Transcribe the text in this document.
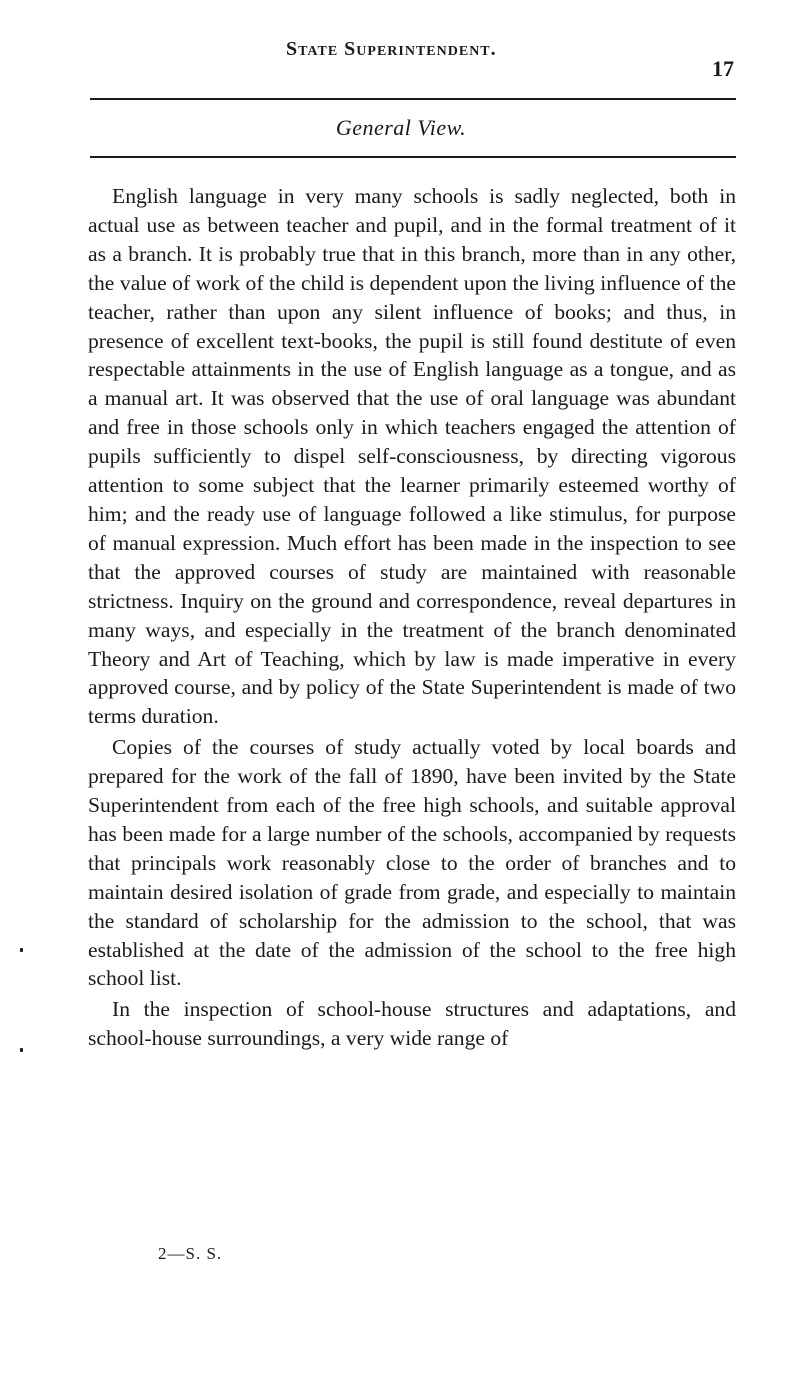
State Superintendent.
17
General View.

English language in very many schools is sadly neglected, both in actual use as between teacher and pupil, and in the formal treatment of it as a branch. It is probably true that in this branch, more than in any other, the value of work of the child is dependent upon the living influence of the teacher, rather than upon any silent influence of books; and thus, in presence of excellent text-books, the pupil is still found destitute of even respectable attainments in the use of English language as a tongue, and as a manual art. It was observed that the use of oral language was abundant and free in those schools only in which teachers engaged the attention of pupils sufficiently to dispel self-consciousness, by directing vigorous attention to some subject that the learner primarily esteemed worthy of him; and the ready use of language followed a like stimulus, for purpose of manual expression. Much effort has been made in the inspection to see that the approved courses of study are maintained with reasonable strictness. Inquiry on the ground and correspondence, reveal departures in many ways, and especially in the treatment of the branch denominated Theory and Art of Teaching, which by law is made imperative in every approved course, and by policy of the State Superintendent is made of two terms duration.

Copies of the courses of study actually voted by local boards and prepared for the work of the fall of 1890, have been invited by the State Superintendent from each of the free high schools, and suitable approval has been made for a large number of the schools, accompanied by requests that principals work reasonably close to the order of branches and to maintain desired isolation of grade from grade, and especially to maintain the standard of scholarship for the admission to the school, that was established at the date of the admission of the school to the free high school list.

In the inspection of school-house structures and adaptations, and school-house surroundings, a very wide range of

2—S. S.
